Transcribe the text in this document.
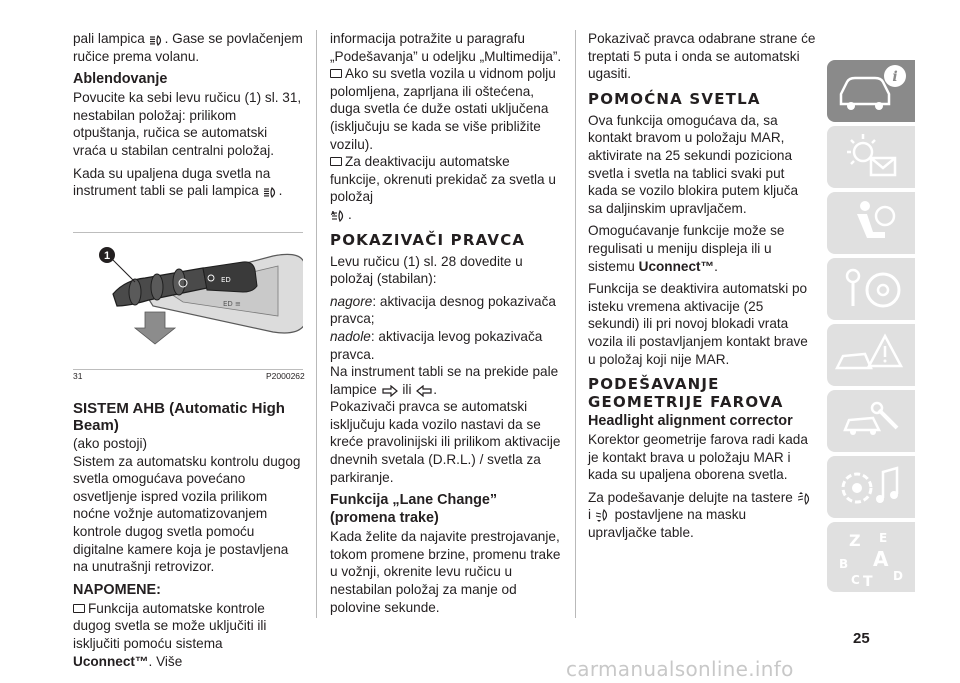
pali lampica . Gase se povlačenjem
ručice prema volanu.

Ablendovanje

Povucite ka sebi levu ručicu (1) sl. 31, nestabilan položaj: prilikom otpuštanja, ručica se automatski vraća u stabilan centralni položaj.

Kada su upaljena duga svetla na
instrument tabli se pali lampica .

ED
ED ≡
1
31	P2000262
SISTEM AHB (Automatic High
Beam)

(ako postoji)

Sistem za automatsku kontrolu dugog svetla omogućava povećano osvetljenje ispred vozila prilikom noćne vožnje automatizovanjem kontrole dugog svetla pomoću digitalne kamere koja je postavljena na unutrašnji retrovizor.

NAPOMENE:

Funkcija automatske kontrole dugog svetla se može uključiti ili isključiti pomoću sistema Uconnect™. Više

informacija potražite u paragrafu „Podešavanja” u odeljku „Multimedija”.

Ako su svetla vozila u vidnom polju polomljena, zaprljana ili oštećena, duga svetla će duže ostati uključena (isključuju se kada se više približite vozilu).

Za deaktivaciju automatske funkcije, okrenuti prekidač za svetla u položaj

A .

POKAZIVAČI PRAVCA

Levu ručicu (1) sl. 28 dovedite u položaj (stabilan):

nagore: aktivacija desnog pokazivača pravca;

nadole: aktivacija levog pokazivača pravca.

Na instrument tabli se na prekide pale
lampice ili .

Pokazivači pravca se automatski isključuju kada vozilo nastavi da se kreće pravolinijski ili prilikom aktivacije dnevnih svetala (D.R.L.) / svetla za parkiranje.

Funkcija „Lane Change” (promena trake)

Kada želite da najavite prestrojavanje, tokom promene brzine, promenu trake u vožnji, okrenite levu ručicu u nestabilan položaj za manje od polovine sekunde.

Pokazivač pravca odabrane strane će treptati 5 puta i onda se automatski ugasiti.

POMOĆNA SVETLA

Ova funkcija omogućava da, sa kontakt bravom u položaju MAR, aktivirate na 25 sekundi poziciona svetla i svetla na tablici svaki put kada se vozilo blokira putem ključa sa daljinskim upravljačem.

Omogućavanje funkcije može se regulisati u meniju displeja ili u sistemu Uconnect™.

Funkcija se deaktivira automatski po isteku vremena aktivacije (25 sekundi) ili pri novoj blokadi vrata vozila ili postavljanjem kontakt brave u položaj koji nije MAR.

PODEŠAVANJE
GEOMETRIJE FAROVA
Headlight alignment corrector

Korektor geometrije farova radi kada je kontakt brava u položaju MAR i kada su upaljena oborena svetla.

Za podešavanje delujte na tastere
i postavljene na masku upravljačke table.

i
Z E
B A
C T D
25
carmanualsonline.info
